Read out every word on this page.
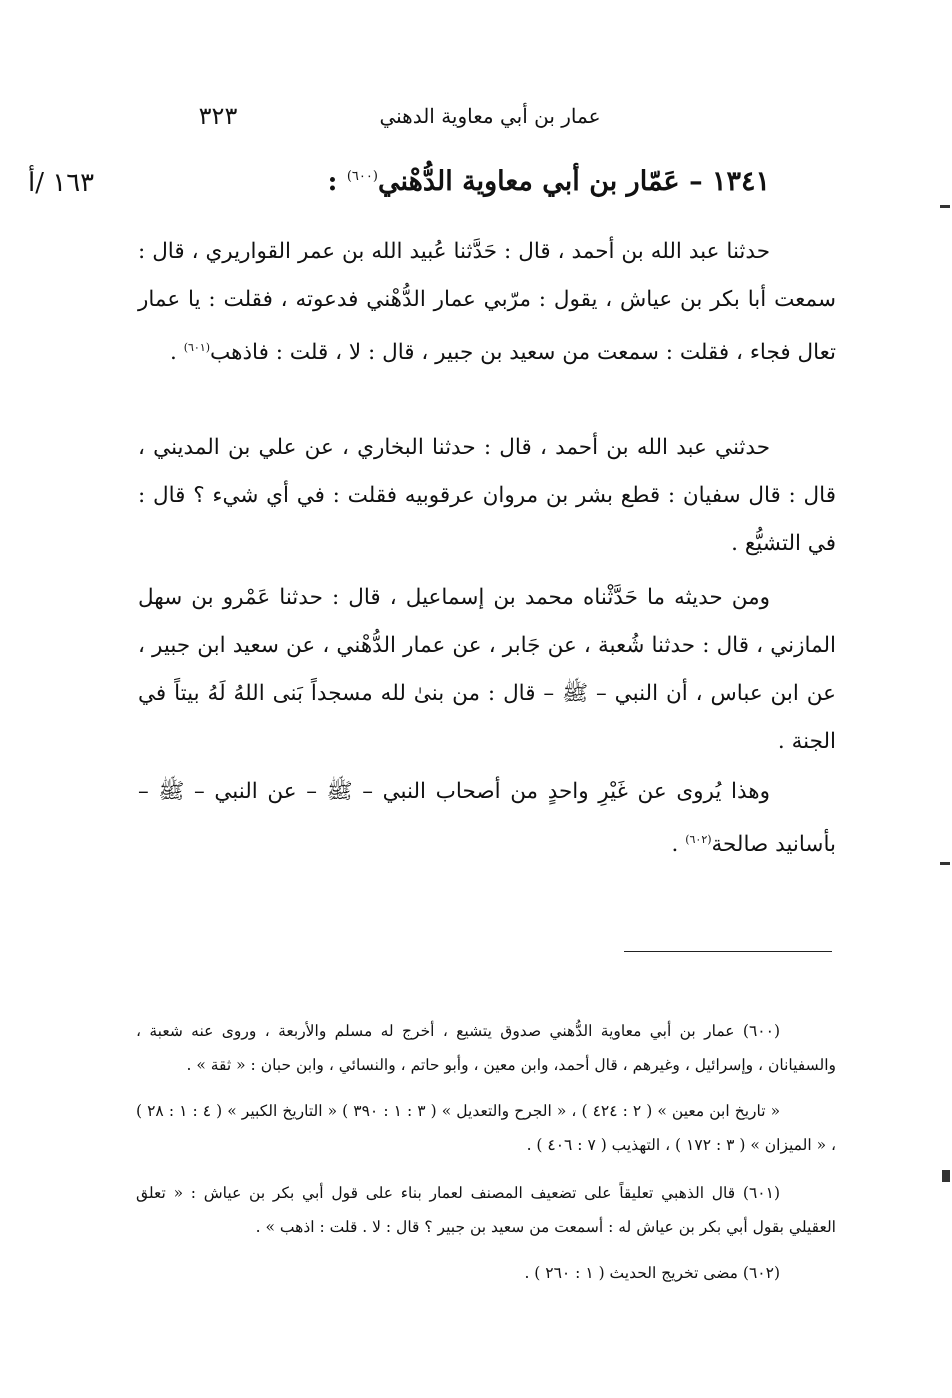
عمار بن أبي معاوية الدهني
٣٢٣
١٦٣ /أ	١٣٤١ – عَمّار بن أبي معاوية الدُّهْني$^{(٦٠٠)}$ :
حدثنا عبد الله بن أحمد ، قال : حَدَّثنا عُبيد الله بن عمر القواريري ، قال : سمعت أبا بكر بن عياش ، يقول : مرّبي عمار الدُّهْني فدعوته ، فقلت : يا عمار تعال فجاء ، فقلت : سمعت من سعيد بن جبير ، قال : لا ، قلت : فاذهب$^{(٦٠١)}$ .
حدثني عبد الله بن أحمد ، قال : حدثنا البخاري ، عن علي بن المديني ، قال : قال سفيان : قطع بشر بن مروان عرقوبيه فقلت : في أي شيء ؟ قال : في التشيُّع .
ومن حديثه ما حَدَّثْناه محمد بن إسماعيل ، قال : حدثنا عَمْرو بن سهل المازني ، قال : حدثنا شُعبة ، عن جَابر ، عن عمار الدُّهْني ، عن سعيد ابن جبير ، عن ابن عباس ، أن النبي – ﷺ – قال : من بنىٰ لله مسجداً بَنى اللهُ لَهُ بيتاً في الجنة .
وهذا يُروى عن غَيْرِ واحدٍ من أصحاب النبي – ﷺ – عن النبي – ﷺ – بأسانيد صالحة$^{(٦٠٢)}$ .
(٦٠٠) عمار بن أبي معاوية الدُّهني صدوق يتشيع ، أخرج له مسلم والأربعة ، وروى عنه شعبة ، والسفيانان ، وإسرائيل ، وغيرهم ، قال أحمد، وابن معين ، وأبو حاتم ، والنسائي ، وابن حبان : « ثقة » .
« تاريخ ابن معين » ( ٢ : ٤٢٤ ) ، « الجرح والتعديل » ( ٣ : ١ : ٣٩٠ ) « التاريخ الكبير » ( ٤ : ١ : ٢٨ ) ، « الميزان » ( ٣ : ١٧٢ ) ، التهذيب ( ٧ : ٤٠٦ ) .
(٦٠١) قال الذهبي تعليقاً على تضعيف المصنف لعمار بناء على قول أبي بكر بن عياش : « تعلق العقيلي بقول أبي بكر بن عياش له : أسمعت من سعيد بن جبير ؟ قال : لا . قلت : اذهب » .
(٦٠٢) مضى تخريج الحديث ( ١ : ٢٦٠ ) .
